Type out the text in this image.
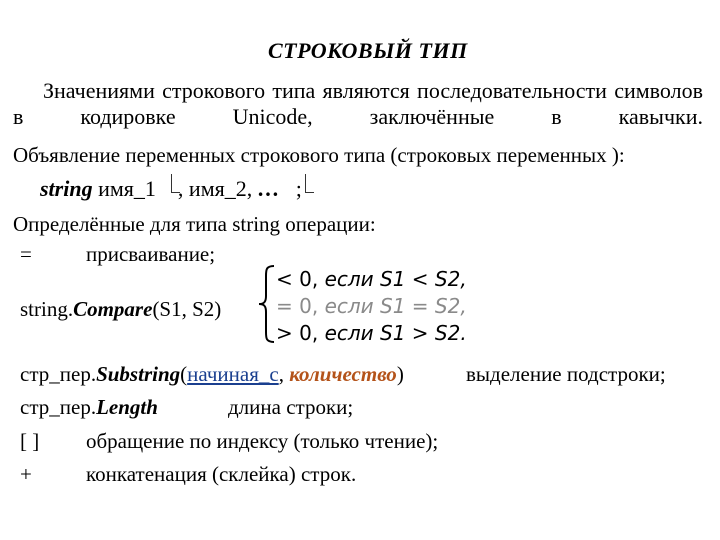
СТРОКОВЫЙ ТИП
Значениями строкового типа являются последовательности символов в кодировке Unicode, заключённые в кавычки.
Объявление переменных строкового типа (строковых переменных ):
string имя_1 , имя_2, … ;
Определённые для типа string операции:
=	присваивание;
string.Compare(S1, S2)
< 0, если S1 < S2,
= 0, если S1 = S2,
> 0, если S1 > S2.
стр_пер.Substring(начиная_с, количество)	выделение подстроки;
стр_пер.Length	длина строки;
[ ] обращение по индексу (только чтение);
+	конкатенация (склейка) строк.
